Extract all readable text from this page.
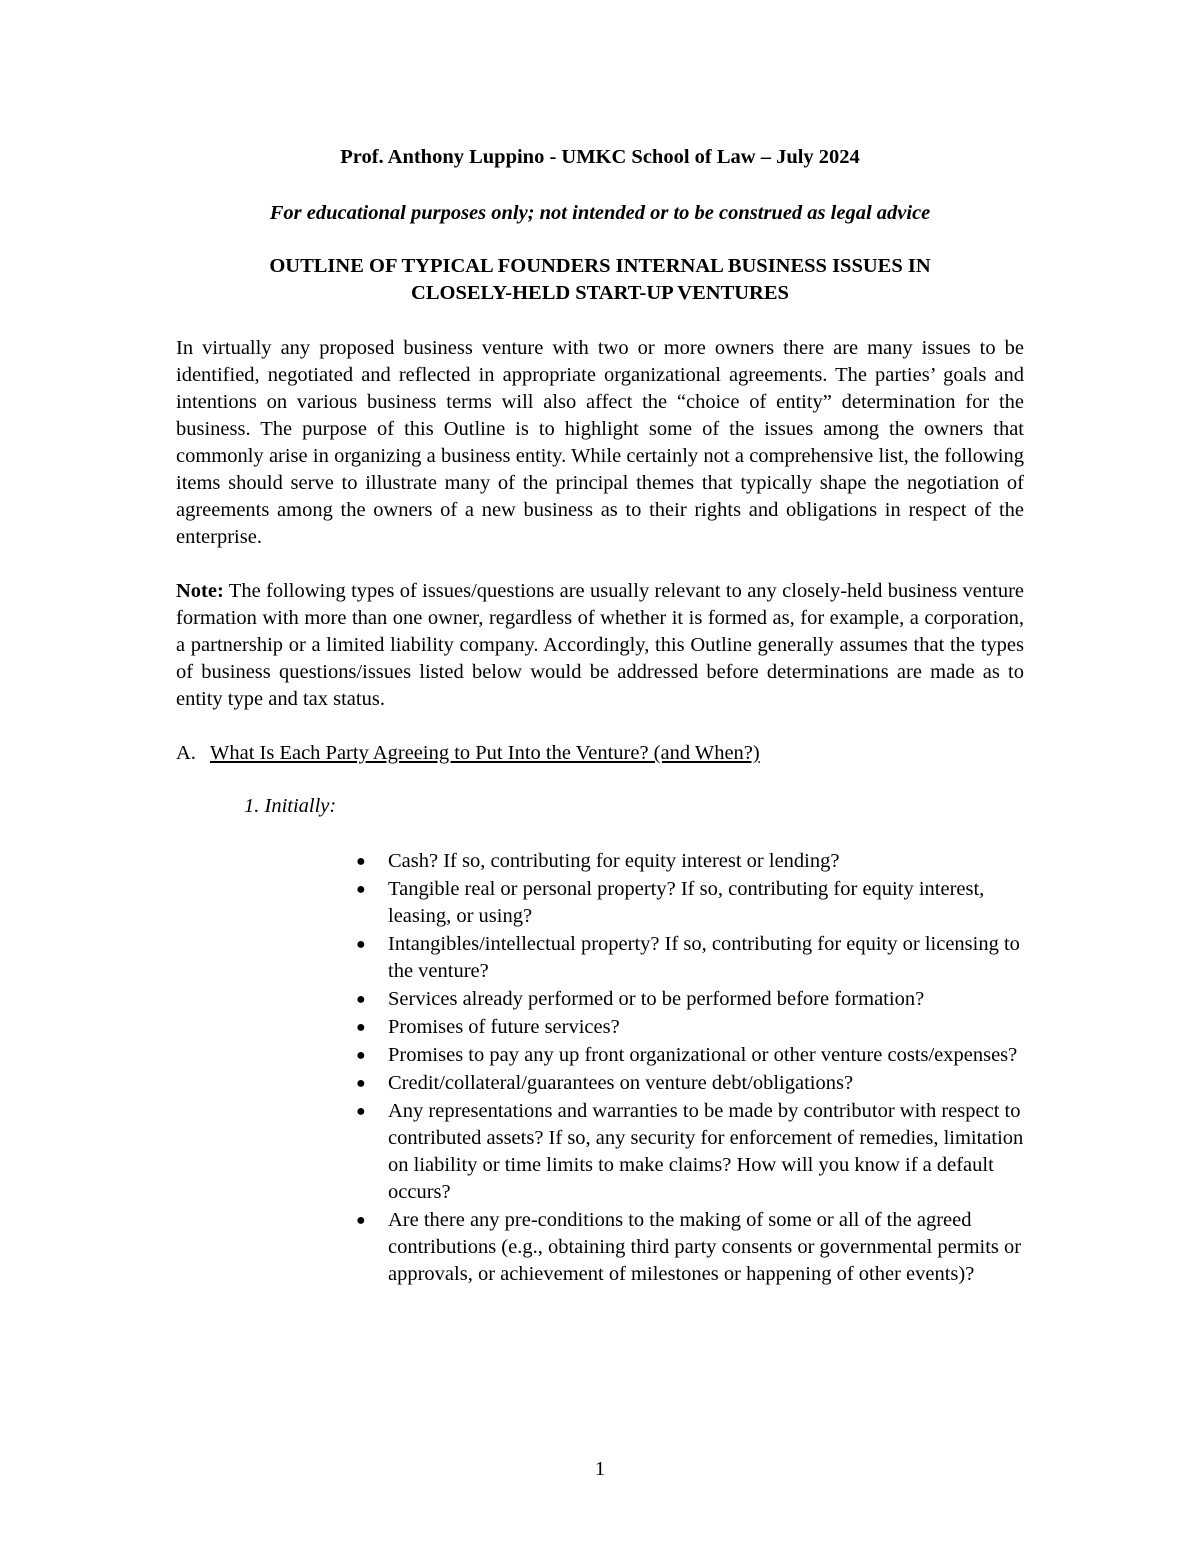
Prof. Anthony Luppino - UMKC School of Law – July 2024
For educational purposes only; not intended or to be construed as legal advice
OUTLINE OF TYPICAL FOUNDERS INTERNAL BUSINESS ISSUES IN
CLOSELY-HELD START-UP VENTURES

In virtually any proposed business venture with two or more owners there are many issues to be identified, negotiated and reflected in appropriate organizational agreements. The parties’ goals and intentions on various business terms will also affect the “choice of entity” determination for the business. The purpose of this Outline is to highlight some of the issues among the owners that commonly arise in organizing a business entity. While certainly not a comprehensive list, the following items should serve to illustrate many of the principal themes that typically shape the negotiation of agreements among the owners of a new business as to their rights and obligations in respect of the enterprise.

Note: The following types of issues/questions are usually relevant to any closely-held business venture formation with more than one owner, regardless of whether it is formed as, for example, a corporation, a partnership or a limited liability company. Accordingly, this Outline generally assumes that the types of business questions/issues listed below would be addressed before determinations are made as to entity type and tax status.

A. What Is Each Party Agreeing to Put Into the Venture? (and When?)
1. Initially:
● Cash? If so, contributing for equity interest or lending?
● Tangible real or personal property? If so, contributing for equity interest, leasing, or using?
● Intangibles/intellectual property? If so, contributing for equity or licensing to the venture?
● Services already performed or to be performed before formation?
● Promises of future services?
● Promises to pay any up front organizational or other venture costs/expenses?
● Credit/collateral/guarantees on venture debt/obligations?
● Any representations and warranties to be made by contributor with respect to contributed assets? If so, any security for enforcement of remedies, limitation on liability or time limits to make claims? How will you know if a default occurs?
● Are there any pre-conditions to the making of some or all of the agreed contributions (e.g., obtaining third party consents or governmental permits or approvals, or achievement of milestones or happening of other events)?
1
